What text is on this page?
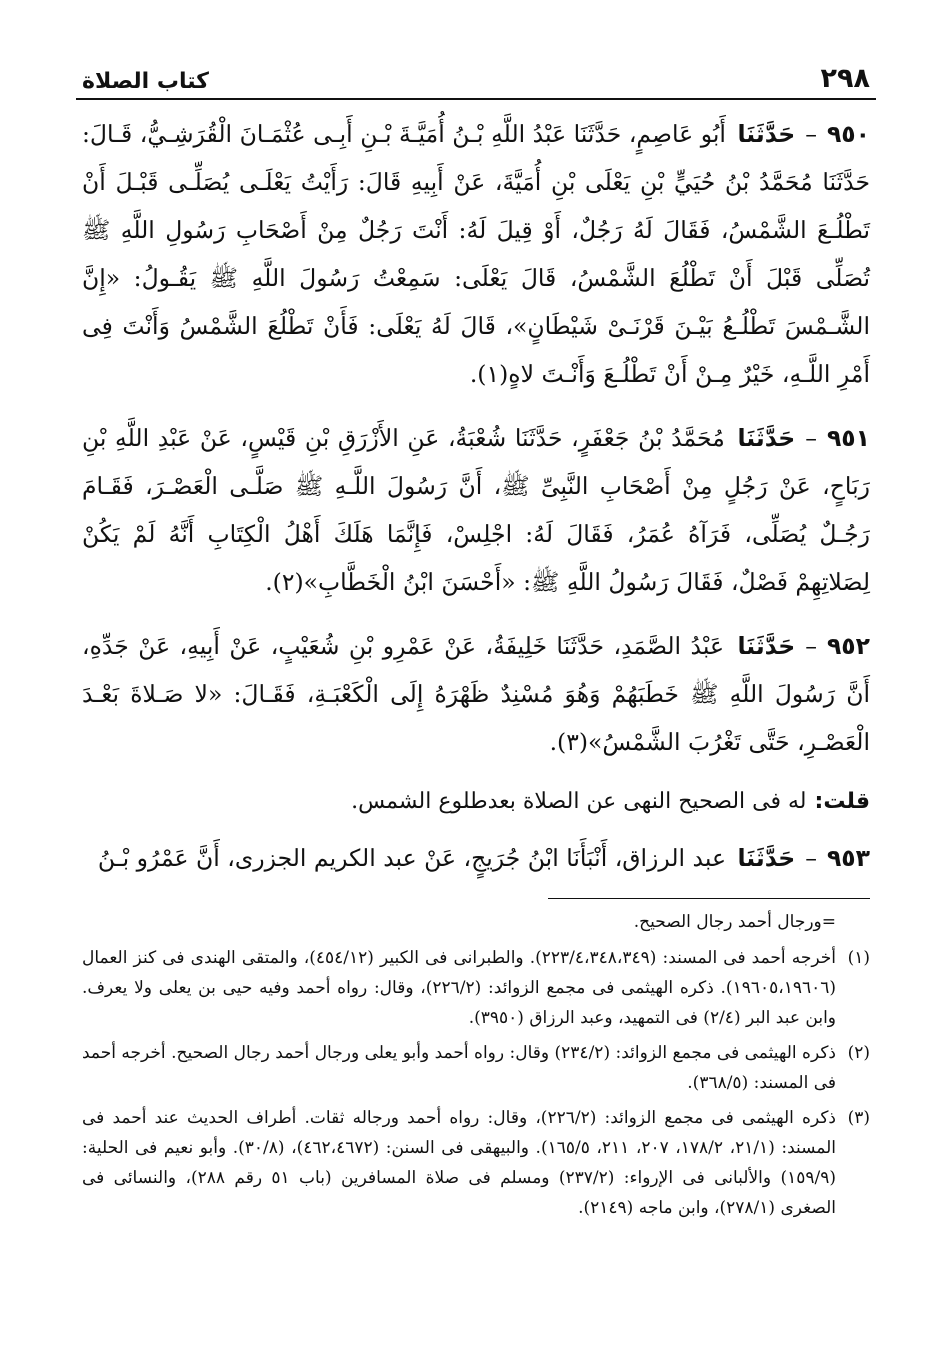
٢٩٨
كتاب الصلاة

٩٥٠–حَدَّثَنَا أَبُو عَاصِمٍ، حَدَّثَنَا عَبْدُ اللَّهِ بْـنُ أُمَيَّـةَ بْـنِ أَبِـى عُثْمَـانَ الْقُرَشِـيُّ، قَـالَ: حَدَّثَنَا مُحَمَّدُ بْنُ حُيَيٍّ بْنِ يَعْلَى بْنِ أُمَيَّةَ، عَنْ أَبِيهِ قَالَ: رَأَيْتُ يَعْلَـى يُصَلِّـى قَبْـلَ أَنْ تَطْلُـعَ الشَّمْسُ، فَقَالَ لَهُ رَجُلٌ، أَوْ قِيلَ لَهُ: أَنْتَ رَجُلٌ مِنْ أَصْحَابِ رَسُولِ اللَّهِ ﷺ تُصَلِّى قَبْلَ أَنْ تَطْلُعَ الشَّمْسُ، قَالَ يَعْلَى: سَمِعْتُ رَسُولَ اللَّهِ ﷺ يَقُـولُ: «إِنَّ الشَّـمْسَ تَطْلُـعُ بَيْـنَ قَرْنَـىْ شَيْطَانٍ»، قَالَ لَهُ يَعْلَى: فَأَنْ تَطْلُعَ الشَّمْسُ وَأَنْتَ فِى أَمْرِ اللَّـهِ، خَيْرٌ مِـنْ أَنْ تَطْلُـعَ وَأَنْـتَ لاهٍ(١).

٩٥١–حَدَّثَنَا مُحَمَّدُ بْنُ جَعْفَرٍ، حَدَّثَنَا شُعْبَةُ، عَنِ الأَزْرَقِ بْنِ قَيْسٍ، عَنْ عَبْدِ اللَّهِ بْنِ رَبَاحٍ، عَنْ رَجُلٍ مِنْ أَصْحَابِ النَّبِىِّ ﷺ، أَنَّ رَسُولَ اللَّـهِ ﷺ صَلَّـى الْعَصْـرَ، فَقَـامَ رَجُـلٌ يُصَلِّى، فَرَآهُ عُمَرُ، فَقَالَ لَهُ: اجْلِسْ، فَإِنَّمَا هَلَكَ أَهْلُ الْكِتَابِ أَنَّهُ لَمْ يَكُنْ لِصَلاتِهِمْ فَصْلٌ، فَقَالَ رَسُولُ اللَّهِ ﷺ: «أَحْسَنَ ابْنُ الْخَطَّابِ»(٢).

٩٥٢–حَدَّثَنَا عَبْدُ الصَّمَدِ، حَدَّثَنَا خَلِيفَةُ، عَنْ عَمْرِو بْنِ شُعَيْبٍ، عَنْ أَبِيهِ، عَنْ جَدِّهِ، أَنَّ رَسُولَ اللَّهِ ﷺ خَطَبَهُمْ وَهُوَ مُسْنِدٌ ظَهْرَهُ إِلَى الْكَعْبَـةِ، فَقَـالَ: «لا صَـلاةَ بَعْـدَ الْعَصْـرِ، حَتَّى تَغْرُبَ الشَّمْسُ»(٣).

قلت:له فى الصحيح النهى عن الصلاة بعدطلوع الشمس.

٩٥٣–حَدَّثَنَا عبد الرزاق، أَنْبَأَنَا ابْنُ جُرَيجٍ، عَنْ عبد الكريم الجزرى، أَنَّ عَمْرُو بْـنُ

=ورجال أحمد رجال الصحيح.

(١)
أخرجه أحمد فى المسند: (٢٢٣/٤،٣٤٨،٣٤٩). والطبرانى فى الكبير (٤٥٤/١٢)، والمتقى الهندى فى كنز العمال (١٩٦٠٥،١٩٦٠٦). ذكره الهيثمى فى مجمع الزوائد: (٢٢٦/٢)، وقال: رواه أحمد وفيه حيى بن يعلى ولا يعرف. وابن عبد البر (٢/٤) فى التمهيد، وعبد الرزاق (٣٩٥٠).
(٢)
ذكره الهيثمى فى مجمع الزوائد: (٢٣٤/٢) وقال: رواه أحمد وأبو يعلى ورجال أحمد رجال الصحيح. أخرجه أحمد فى المسند: (٣٦٨/٥).
(٣)
ذكره الهيثمى فى مجمع الزوائد: (٢٢٦/٢)، وقال: رواه أحمد ورجاله ثقات. أطراف الحديث عند أحمد فى المسند: (٢١/١، ١٧٨/٢، ٢٠٧، ٢١١، ١٦٥/٥). والبيهقى فى السنن: (٤٦٢،٤٦٧٢)، (٣٠/٨). وأبو نعيم فى الحلية: (١٥٩/٩) والألبانى فى الإرواء: (٢٣٧/٢) ومسلم فى صلاة المسافرين (باب ٥١ رقم ٢٨٨)، والنسائى فى الصغرى (٢٧٨/١)، وابن ماجه (٢١٤٩).
